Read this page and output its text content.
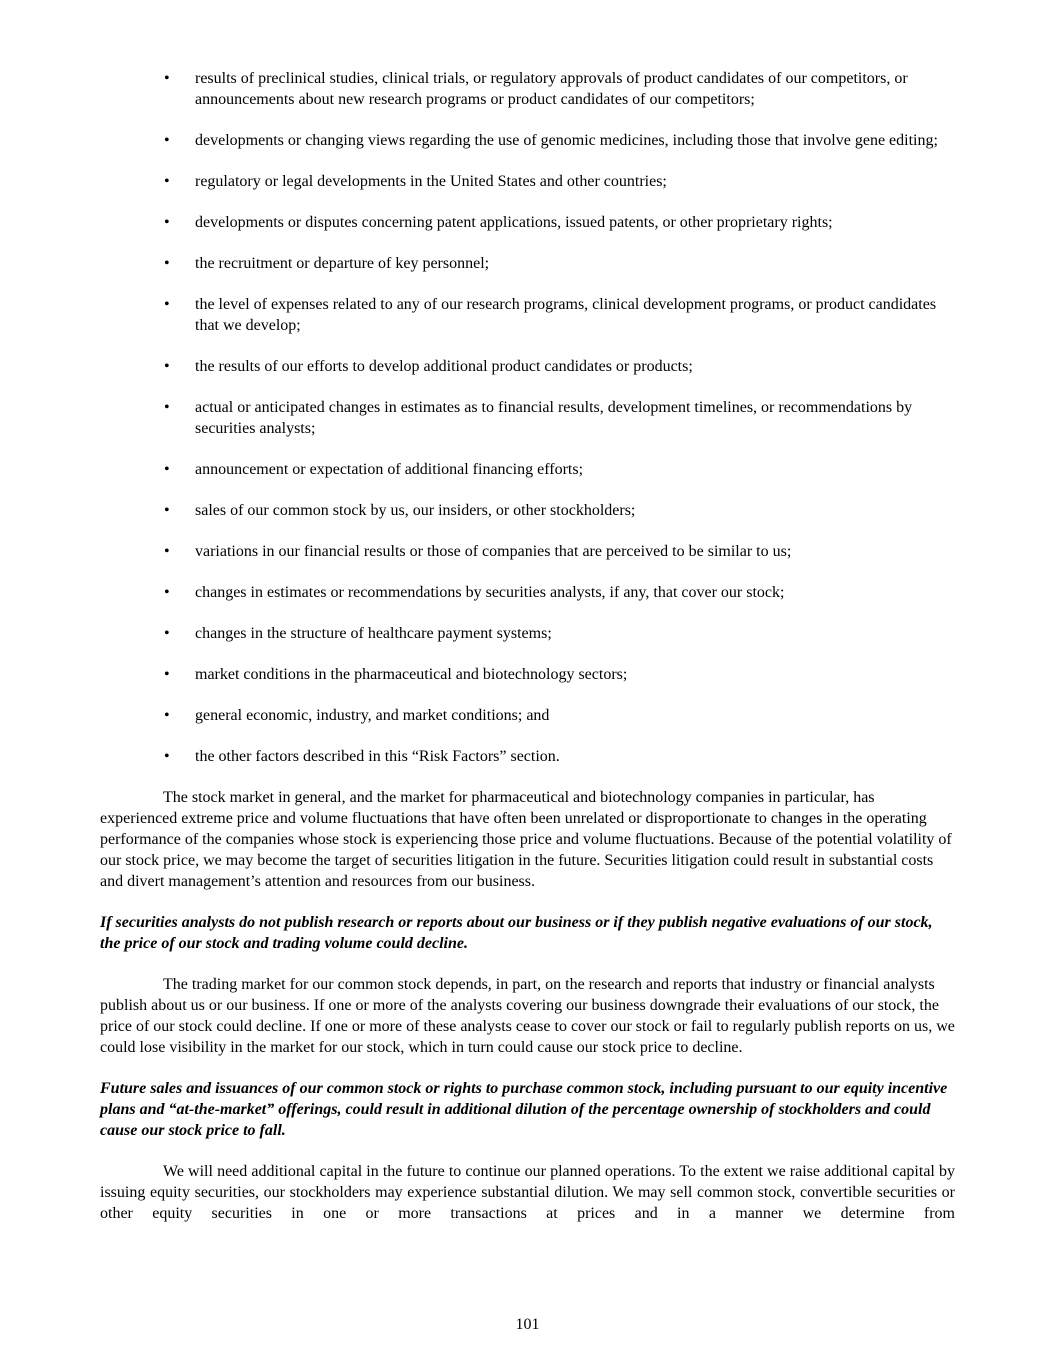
• results of preclinical studies, clinical trials, or regulatory approvals of product candidates of our competitors, or announcements about new research programs or product candidates of our competitors;
• developments or changing views regarding the use of genomic medicines, including those that involve gene editing;
• regulatory or legal developments in the United States and other countries;
• developments or disputes concerning patent applications, issued patents, or other proprietary rights;
• the recruitment or departure of key personnel;
• the level of expenses related to any of our research programs, clinical development programs, or product candidates that we develop;
• the results of our efforts to develop additional product candidates or products;
• actual or anticipated changes in estimates as to financial results, development timelines, or recommendations by securities analysts;
• announcement or expectation of additional financing efforts;
• sales of our common stock by us, our insiders, or other stockholders;
• variations in our financial results or those of companies that are perceived to be similar to us;
• changes in estimates or recommendations by securities analysts, if any, that cover our stock;
• changes in the structure of healthcare payment systems;
• market conditions in the pharmaceutical and biotechnology sectors;
• general economic, industry, and market conditions; and
• the other factors described in this “Risk Factors” section.

The stock market in general, and the market for pharmaceutical and biotechnology companies in particular, has experienced extreme price and volume fluctuations that have often been unrelated or disproportionate to changes in the operating performance of the companies whose stock is experiencing those price and volume fluctuations. Because of the potential volatility of our stock price, we may become the target of securities litigation in the future. Securities litigation could result in substantial costs and divert management’s attention and resources from our business.

If securities analysts do not publish research or reports about our business or if they publish negative evaluations of our stock, the price of our stock and trading volume could decline.

The trading market for our common stock depends, in part, on the research and reports that industry or financial analysts publish about us or our business. If one or more of the analysts covering our business downgrade their evaluations of our stock, the price of our stock could decline. If one or more of these analysts cease to cover our stock or fail to regularly publish reports on us, we could lose visibility in the market for our stock, which in turn could cause our stock price to decline.

Future sales and issuances of our common stock or rights to purchase common stock, including pursuant to our equity incentive plans and “at-the-market” offerings, could result in additional dilution of the percentage ownership of stockholders and could cause our stock price to fall.

We will need additional capital in the future to continue our planned operations. To the extent we raise additional capital by issuing equity securities, our stockholders may experience substantial dilution. We may sell common stock, convertible securities or other equity securities in one or more transactions at prices and in a manner we determine from

101
